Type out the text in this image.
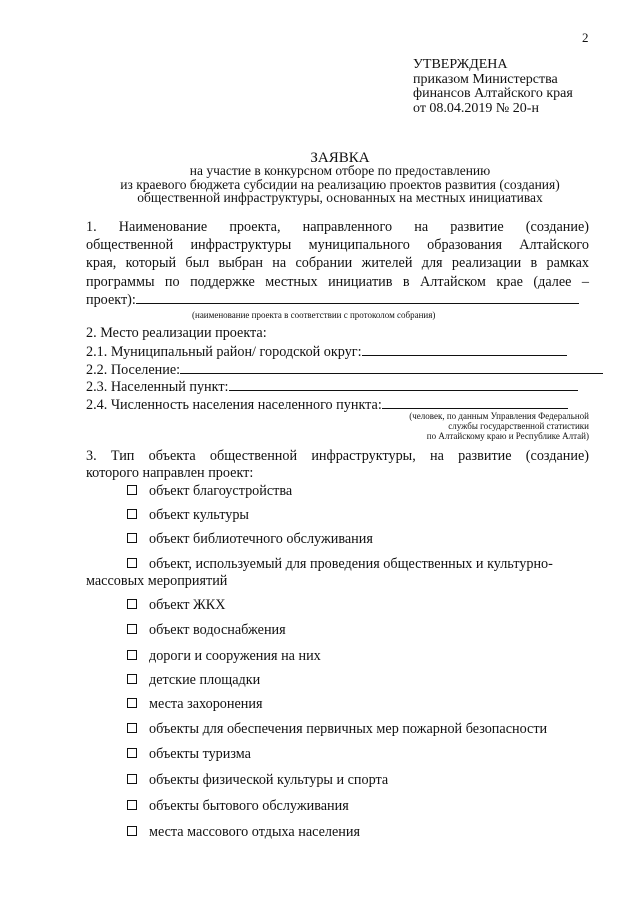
2
УТВЕРЖДЕНА
приказом Министерства
финансов Алтайского края
от 08.04.2019 № 20-н
ЗАЯВКА
на участие в конкурсном отборе по предоставлению
из краевого бюджета субсидии на реализацию проектов развития (создания)
общественной инфраструктуры, основанных на местных инициативах
1. Наименование проекта, направленного на развитие (создание)
общественной инфраструктуры муниципального образования Алтайского
края, который был выбран на собрании жителей для реализации в рамках
программы по поддержке местных инициатив в Алтайском крае (далее –
проект):
(наименование проекта в соответствии с протоколом собрания)
2. Место реализации проекта:
2.1. Муниципальный район/ городской округ:
2.2. Поселение:
2.3. Населенный пункт:
2.4. Численность населения населенного пункта:
(человек, по данным Управления Федеральной
службы государственной статистики
по Алтайскому краю и Республике Алтай)
3. Тип объекта общественной инфраструктуры, на развитие (создание)
которого направлен проект:
объект благоустройства
объект культуры
объект библиотечного обслуживания
объект, используемый для проведения общественных и культурно-
массовых мероприятий
объект ЖКХ
объект водоснабжения
дороги и сооружения на них
детские площадки
места захоронения
объекты для обеспечения первичных мер пожарной безопасности
объекты туризма
объекты физической культуры и спорта
объекты бытового обслуживания
места массового отдыха населения
